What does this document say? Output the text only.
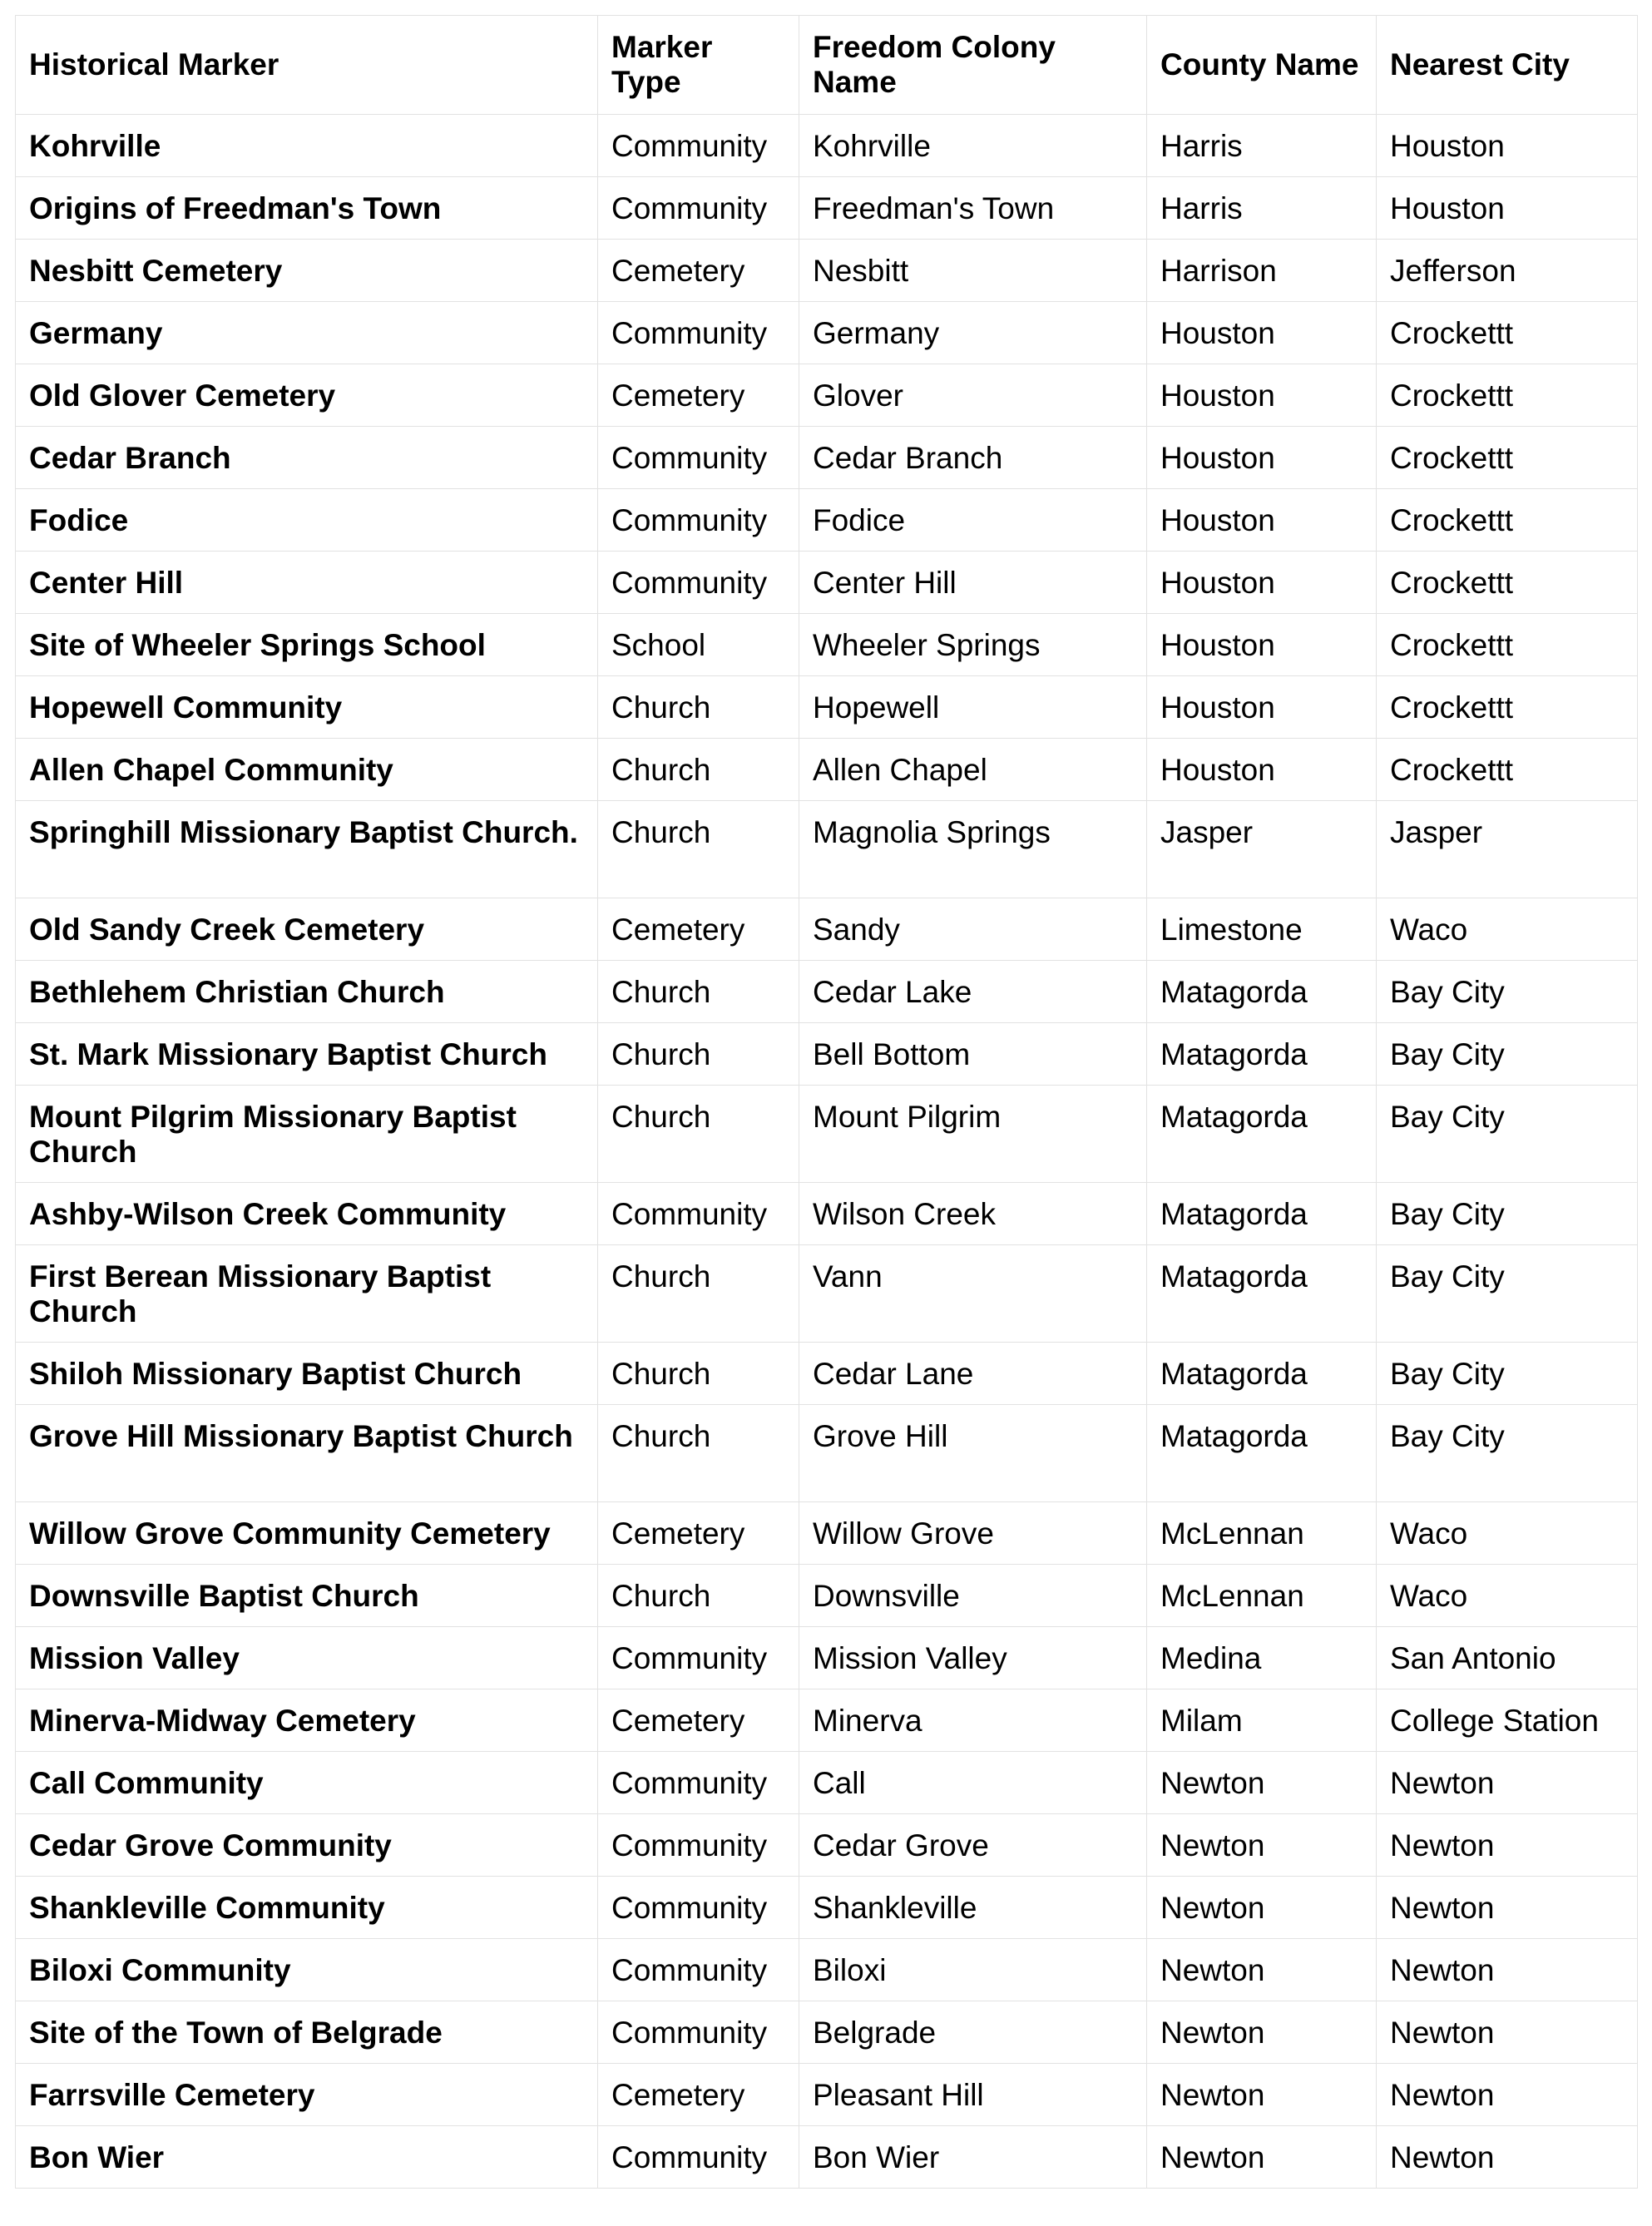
Historical Marker	Marker Type	Freedom Colony Name	County Name	Nearest City
Kohrville	Community	Kohrville	Harris	Houston
Origins of Freedman's Town	Community	Freedman's Town	Harris	Houston
Nesbitt Cemetery	Cemetery	Nesbitt	Harrison	Jefferson
Germany	Community	Germany	Houston	Crockettt
Old Glover Cemetery	Cemetery	Glover	Houston	Crockettt
Cedar Branch	Community	Cedar Branch	Houston	Crockettt
Fodice	Community	Fodice	Houston	Crockettt
Center Hill	Community	Center Hill	Houston	Crockettt
Site of Wheeler Springs School	School	Wheeler Springs	Houston	Crockettt
Hopewell Community	Church	Hopewell	Houston	Crockettt
Allen Chapel Community	Church	Allen Chapel	Houston	Crockettt
Springhill Missionary Baptist Church.	Church	Magnolia Springs	Jasper	Jasper
Old Sandy Creek Cemetery	Cemetery	Sandy	Limestone	Waco
Bethlehem Christian Church	Church	Cedar Lake	Matagorda	Bay City
St. Mark Missionary Baptist Church	Church	Bell Bottom	Matagorda	Bay City
Mount Pilgrim Missionary Baptist Church	Church	Mount Pilgrim	Matagorda	Bay City
Ashby-Wilson Creek Community	Community	Wilson Creek	Matagorda	Bay City
First Berean Missionary Baptist Church	Church	Vann	Matagorda	Bay City
Shiloh Missionary Baptist Church	Church	Cedar Lane	Matagorda	Bay City
Grove Hill Missionary Baptist Church	Church	Grove Hill	Matagorda	Bay City
Willow Grove Community Cemetery	Cemetery	Willow Grove	McLennan	Waco
Downsville Baptist Church	Church	Downsville	McLennan	Waco
Mission Valley	Community	Mission Valley	Medina	San Antonio
Minerva-Midway Cemetery	Cemetery	Minerva	Milam	College Station
Call Community	Community	Call	Newton	Newton
Cedar Grove Community	Community	Cedar Grove	Newton	Newton
Shankleville Community	Community	Shankleville	Newton	Newton
Biloxi Community	Community	Biloxi	Newton	Newton
Site of the Town of Belgrade	Community	Belgrade	Newton	Newton
Farrsville Cemetery	Cemetery	Pleasant Hill	Newton	Newton
Bon Wier	Community	Bon Wier	Newton	Newton
